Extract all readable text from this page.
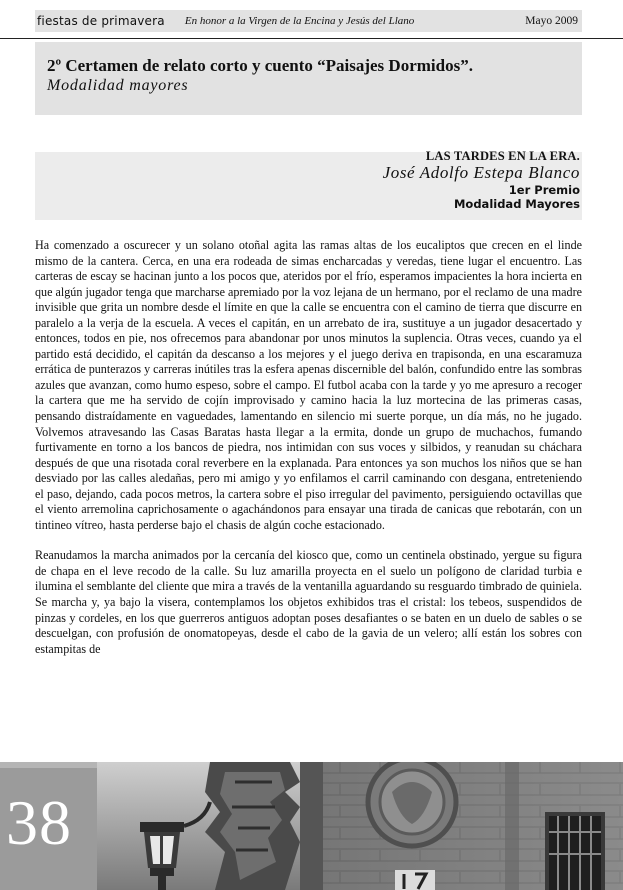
fiestas de primavera En honor a la Virgen de la Encina y Jesús del Llano	Mayo 2009
2º Certamen de relato corto y cuento “Paisajes Dormidos”.
Modalidad mayores
LAS TARDES EN LA ERA.
José Adolfo Estepa Blanco
1er Premio
Modalidad Mayores

Ha comenzado a oscurecer y un solano otoñal agita las ramas altas de los eucaliptos que crecen en el linde mismo de la cantera. Cerca, en una era rodeada de simas encharcadas y veredas, tiene lugar el encuentro. Las carteras de escay se hacinan junto a los pocos que, ateridos por el frío, esperamos impacientes la hora incierta en que algún jugador tenga que marcharse apremiado por la voz lejana de un hermano, por el reclamo de una madre invisible que grita un nombre desde el límite en que la calle se encuentra con el camino de tierra que discurre en paralelo a la verja de la escuela. A veces el capitán, en un arrebato de ira, sustituye a un jugador desacertado y entonces, todos en pie, nos ofrecemos para abandonar por unos minutos la suplencia. Otras veces, cuando ya el partido está decidido, el capitán da descanso a los mejores y el juego deriva en trapisonda, en una escaramuza errática de punterazos y carreras inútiles tras la esfera apenas discernible del balón, confundido entre las sombras azules que avanzan, como humo espeso, sobre el campo. El futbol acaba con la tarde y yo me apresuro a recoger la cartera que me ha servido de cojín improvisado y camino hacia la luz mortecina de las primeras casas, pensando distraídamente en vaguedades, lamentando en silencio mi suerte porque, un día más, no he jugado. Volvemos atravesando las Casas Baratas hasta llegar a la ermita, donde un grupo de muchachos, fumando furtivamente en torno a los bancos de piedra, nos intimidan con sus voces y silbidos, y reanudan su cháchara después de que una risotada coral reverbere en la explanada. Para entonces ya son muchos los niños que se han desviado por las calles aledañas, pero mi amigo y yo enfilamos el carril caminando con desgana, entreteniendo el paso, dejando, cada pocos metros, la cartera sobre el piso irregular del pavimento, persiguiendo octavillas que el viento arremolina caprichosamente o agachándonos para ensayar una tirada de canicas que rebotarán, con un tintineo vítreo, hasta perderse bajo el chasis de algún coche estacionado.

Reanudamos la marcha animados por la cercanía del kiosco que, como un centinela obstinado, yergue su figura de chapa en el leve recodo de la calle. Su luz amarilla proyecta en el suelo un polígono de claridad turbia e ilumina el semblante del cliente que mira a través de la ventanilla aguardando su resguardo timbrado de quiniela. Se marcha y, ya bajo la visera, contemplamos los objetos exhibidos tras el cristal: los tebeos, suspendidos de pinzas y cordeles, en los que guerreros antiguos adoptan poses desafiantes o se baten en un duelo de sables o se descuelgan, con profusión de onomatopeyas, desde el cabo de la gavia de un velero; allí están los sobres con estampitas de

38
